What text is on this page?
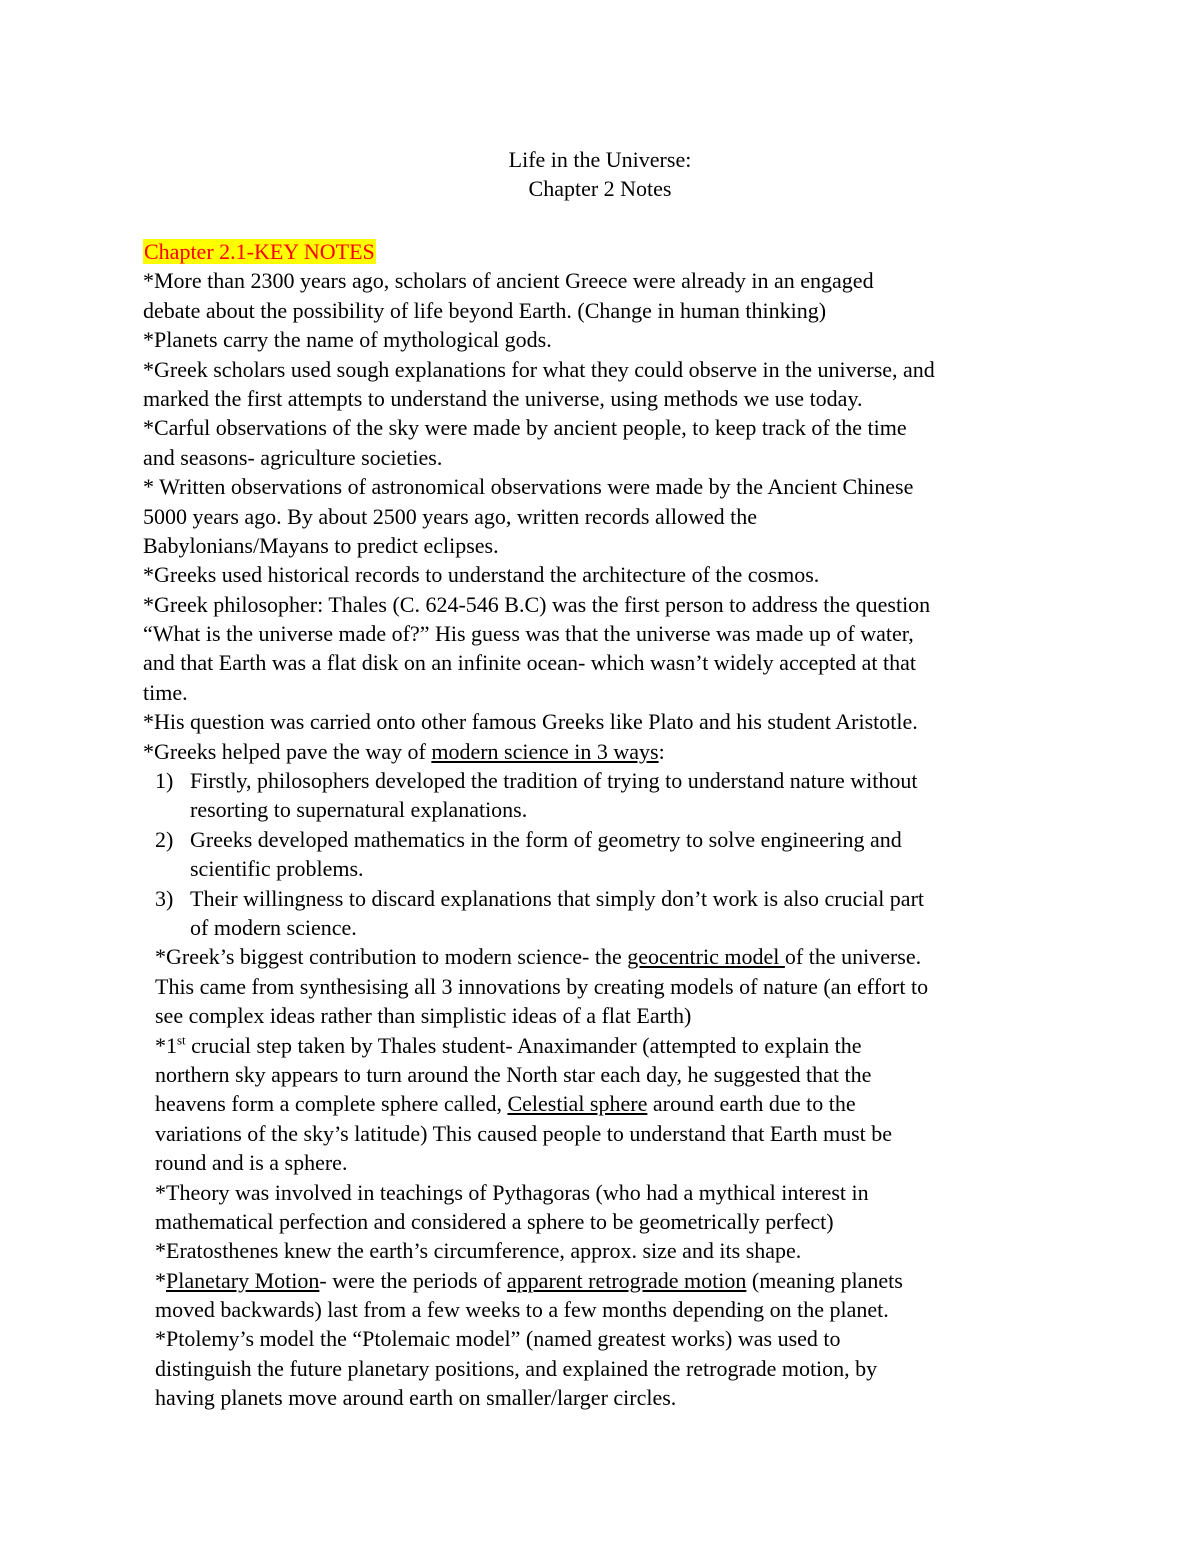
Life in the Universe:
Chapter 2 Notes
Chapter 2.1-KEY NOTES
*More than 2300 years ago, scholars of ancient Greece were already in an engaged
debate about the possibility of life beyond Earth. (Change in human thinking)
*Planets carry the name of mythological gods.
*Greek scholars used sough explanations for what they could observe in the universe, and
marked the first attempts to understand the universe, using methods we use today.
*Carful observations of the sky were made by ancient people, to keep track of the time
and seasons- agriculture societies.
* Written observations of astronomical observations were made by the Ancient Chinese
5000 years ago. By about 2500 years ago, written records allowed the
Babylonians/Mayans to predict eclipses.
*Greeks used historical records to understand the architecture of the cosmos.
*Greek philosopher: Thales (C. 624-546 B.C) was the first person to address the question
“What is the universe made of?” His guess was that the universe was made up of water,
and that Earth was a flat disk on an infinite ocean- which wasn’t widely accepted at that
time.
*His question was carried onto other famous Greeks like Plato and his student Aristotle.
*Greeks helped pave the way of modern science in 3 ways:
1) Firstly, philosophers developed the tradition of trying to understand nature without
resorting to supernatural explanations.
2) Greeks developed mathematics in the form of geometry to solve engineering and
scientific problems.
3) Their willingness to discard explanations that simply don’t work is also crucial part
of modern science.
*Greek’s biggest contribution to modern science- the geocentric model of the universe.
This came from synthesising all 3 innovations by creating models of nature (an effort to
see complex ideas rather than simplistic ideas of a flat Earth)
*1st crucial step taken by Thales student- Anaximander (attempted to explain the
northern sky appears to turn around the North star each day, he suggested that the
heavens form a complete sphere called, Celestial sphere around earth due to the
variations of the sky’s latitude) This caused people to understand that Earth must be
round and is a sphere.
*Theory was involved in teachings of Pythagoras (who had a mythical interest in
mathematical perfection and considered a sphere to be geometrically perfect)
*Eratosthenes knew the earth’s circumference, approx. size and its shape.
*Planetary Motion- were the periods of apparent retrograde motion (meaning planets
moved backwards) last from a few weeks to a few months depending on the planet.
*Ptolemy’s model the “Ptolemaic model” (named greatest works) was used to
distinguish the future planetary positions, and explained the retrograde motion, by
having planets move around earth on smaller/larger circles.
